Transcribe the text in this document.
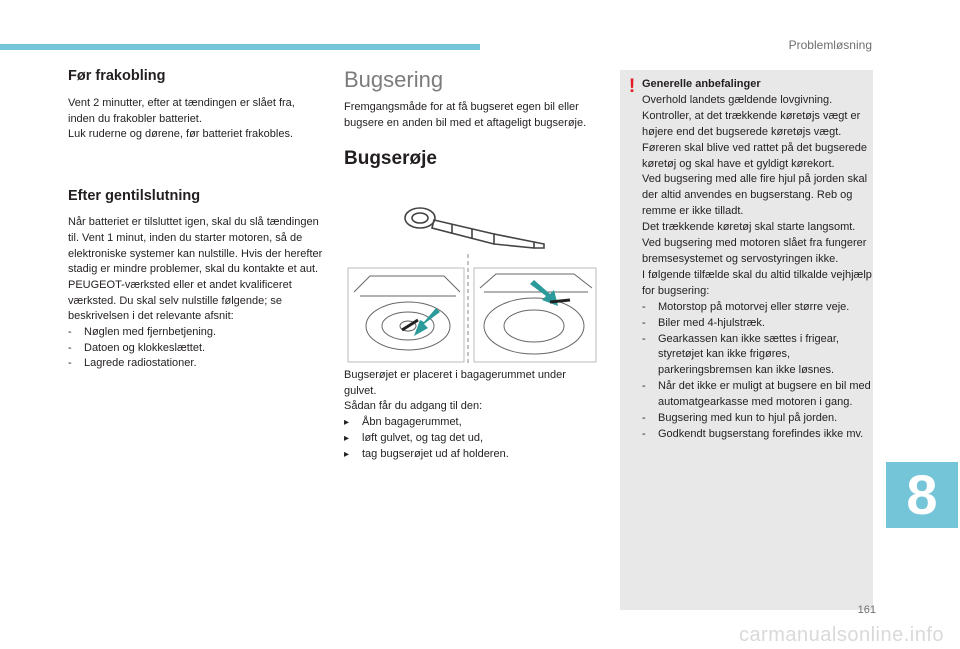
Problemløsning
Før frakobling

Vent 2 minutter, efter at tændingen er slået fra, inden du frakobler batteriet.

Luk ruderne og dørene, før batteriet frakobles.

Efter gentilslutning

Når batteriet er tilsluttet igen, skal du slå tændingen til. Vent 1 minut, inden du starter motoren, så de elektroniske systemer kan nulstille. Hvis der herefter stadig er mindre problemer, skal du kontakte et aut. PEUGEOT-værksted eller et andet kvalificeret værksted. Du skal selv nulstille følgende; se beskrivelsen i det relevante afsnit:

- Nøglen med fjernbetjening.
- Datoen og klokkeslættet.
- Lagrede radiostationer.
Bugsering

Fremgangsmåde for at få bugseret egen bil eller bugsere en anden bil med et aftageligt bugserøje.

Bugserøje

Bugserøjet er placeret i bagagerummet under gulvet.

Sådan får du adgang til den:

▸ Åbn bagagerummet,
▸ løft gulvet, og tag det ud,
▸ tag bugserøjet ud af holderen.
! Generelle anbefalinger

Overhold landets gældende lovgivning.

Kontroller, at det trækkende køretøjs vægt er højere end det bugserede køretøjs vægt.

Føreren skal blive ved rattet på det bugserede køretøj og skal have et gyldigt kørekort.

Ved bugsering med alle fire hjul på jorden skal der altid anvendes en bugserstang. Reb og remme er ikke tilladt.

Det trækkende køretøj skal starte langsomt.

Ved bugsering med motoren slået fra fungerer bremsesystemet og servostyringen ikke.

I følgende tilfælde skal du altid tilkalde vejhjælp for bugsering:

- Motorstop på motorvej eller større veje.
- Biler med 4-hjulstræk.
- Gearkassen kan ikke sættes i frigear, styretøjet kan ikke frigøres, parkeringsbremsen kan ikke løsnes.
- Når det ikke er muligt at bugsere en bil med automatgearkasse med motoren i gang.
- Bugsering med kun to hjul på jorden.
- Godkendt bugserstang forefindes ikke mv.
8
161
carmanualsonline.info
